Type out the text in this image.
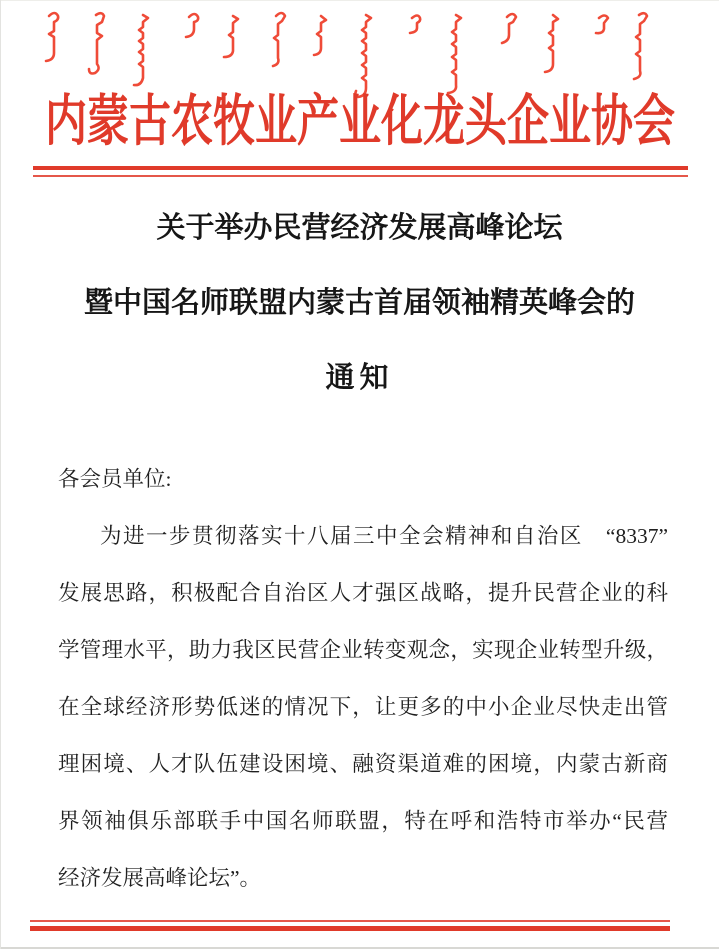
内蒙古农牧业产业化龙头企业协会
关于举办民营经济发展高峰论坛
暨中国名师联盟内蒙古首届领袖精英峰会的
通知
各会员单位:
为进一步贯彻落实十八届三中全会精神和自治区　“8337”
发展思路，积极配合自治区人才强区战略，提升民营企业的科
学管理水平，助力我区民营企业转变观念，实现企业转型升级，
在全球经济形势低迷的情况下，让更多的中小企业尽快走出管
理困境、人才队伍建设困境、融资渠道难的困境，内蒙古新商
界领袖俱乐部联手中国名师联盟，特在呼和浩特市举办“民营
经济发展高峰论坛”。
